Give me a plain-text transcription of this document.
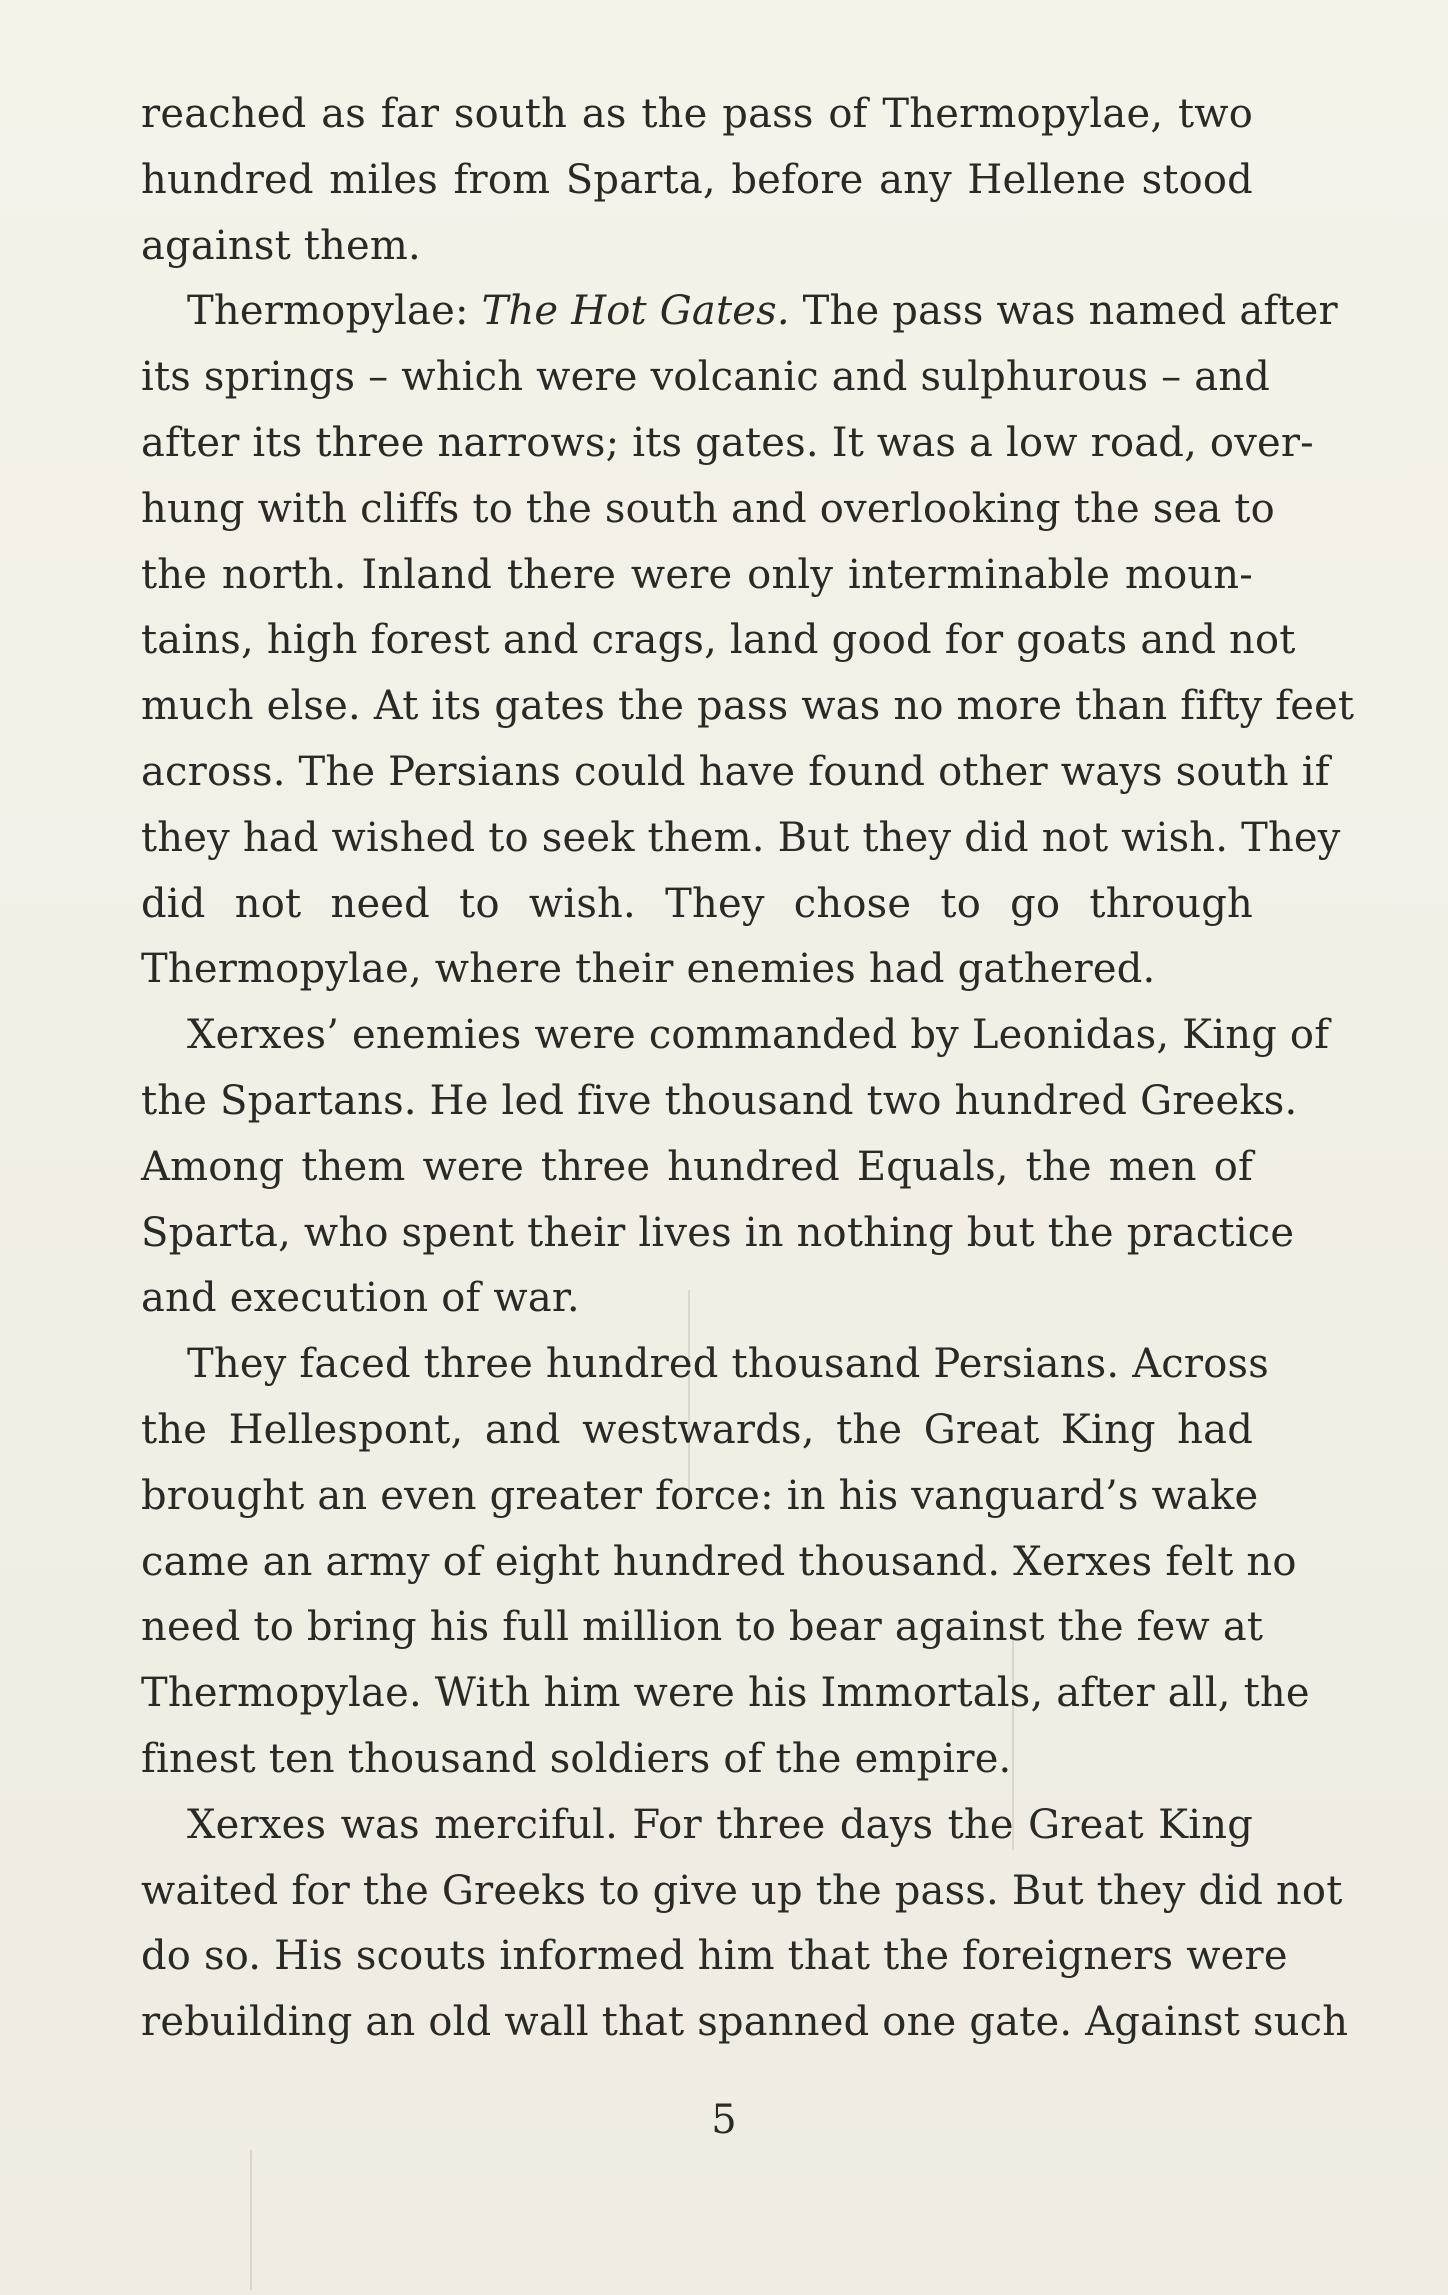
reached as far south as the pass of Thermopylae, two
hundred miles from Sparta, before any Hellene stood
against them.
Thermopylae: The Hot Gates. The pass was named after
its springs – which were volcanic and sulphurous – and
after its three narrows; its gates. It was a low road, over-
hung with cliffs to the south and overlooking the sea to
the north. Inland there were only interminable moun-
tains, high forest and crags, land good for goats and not
much else. At its gates the pass was no more than fifty feet
across. The Persians could have found other ways south if
they had wished to seek them. But they did not wish. They
did not need to wish. They chose to go through
Thermopylae, where their enemies had gathered.
Xerxes’ enemies were commanded by Leonidas, King of
the Spartans. He led five thousand two hundred Greeks.
Among them were three hundred Equals, the men of
Sparta, who spent their lives in nothing but the practice
and execution of war.
They faced three hundred thousand Persians. Across
the Hellespont, and westwards, the Great King had
brought an even greater force: in his vanguard’s wake
came an army of eight hundred thousand. Xerxes felt no
need to bring his full million to bear against the few at
Thermopylae. With him were his Immortals, after all, the
finest ten thousand soldiers of the empire.
Xerxes was merciful. For three days the Great King
waited for the Greeks to give up the pass. But they did not
do so. His scouts informed him that the foreigners were
rebuilding an old wall that spanned one gate. Against such
5
